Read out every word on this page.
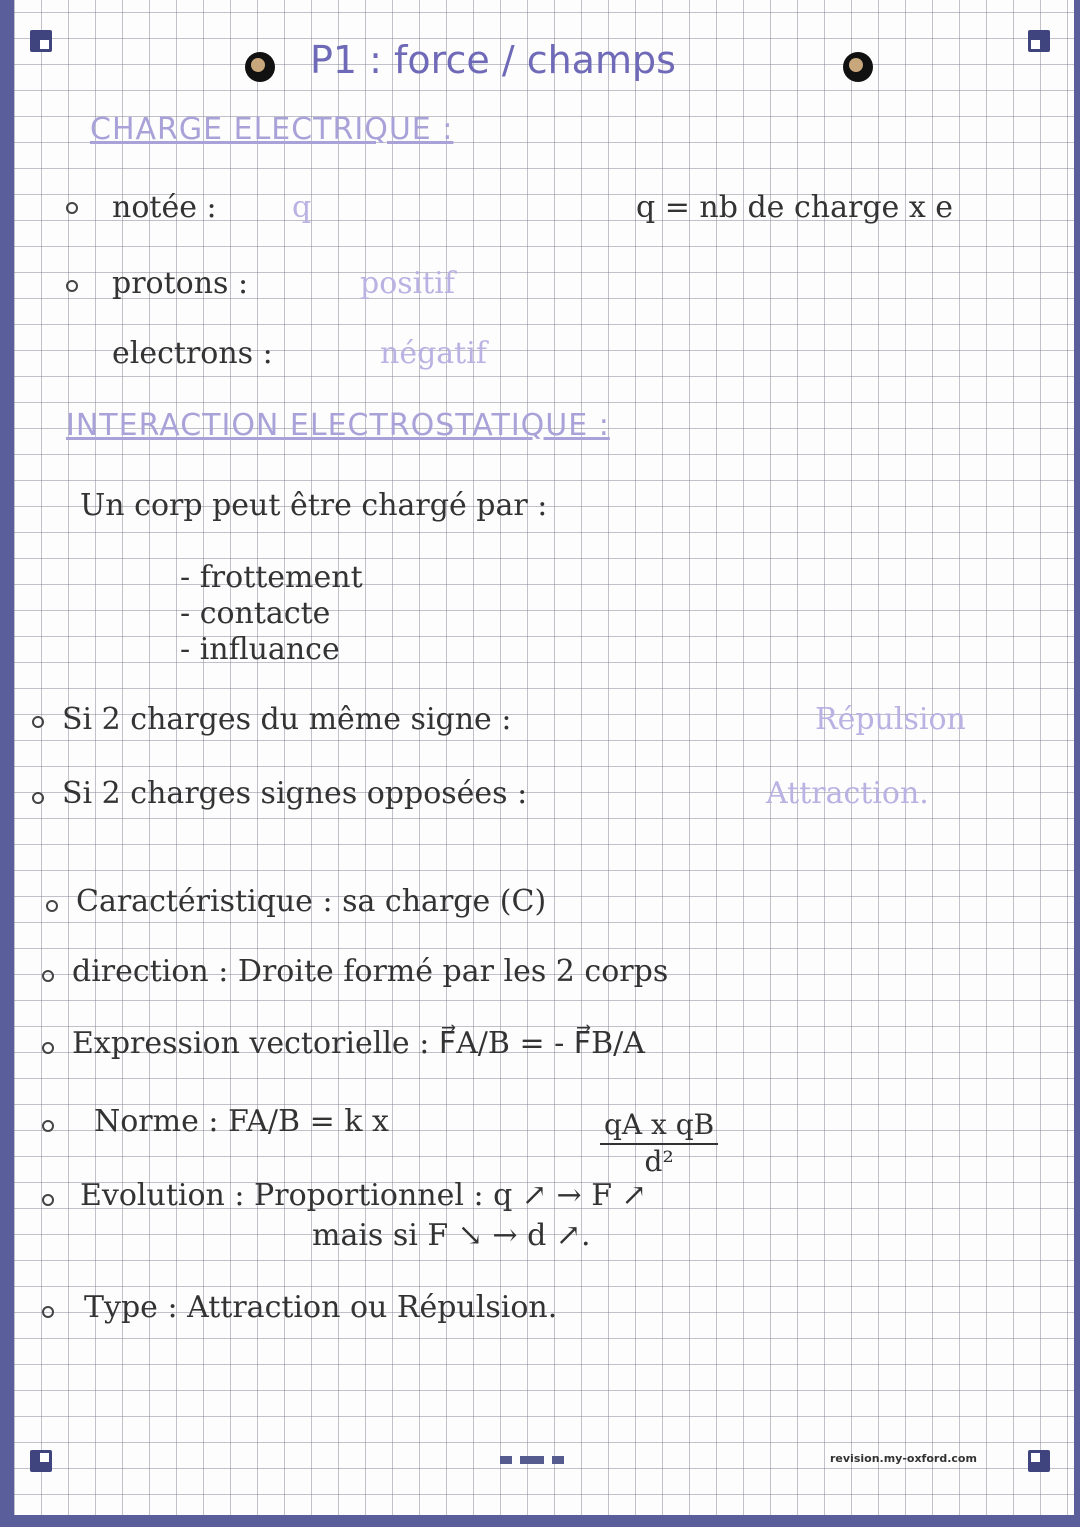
P1 : force / champs
CHARGE ELECTRIQUE :
notée :	q	q = nb de charge x e
protons :	positif
electrons :	négatif
INTERACTION ELECTROSTATIQUE :
Un corp peut être chargé par :
- frottement
- contacte
- influance
Si 2 charges du même signe :	Répulsion
Si 2 charges signes opposées :	Attraction.
Caractéristique : sa charge (C)
direction : Droite formé par les 2 corps
Expression vectorielle : F⃗A/B = - F⃗B/A
Norme : FA/B = k x	$\frac{\text{qA x qB}}{\text{d²}}$
Evolution : Proportionnel : q ↗ → F ↗
mais si F ↘ → d ↗.
Type : Attraction ou Répulsion.
revision.my-oxford.com
